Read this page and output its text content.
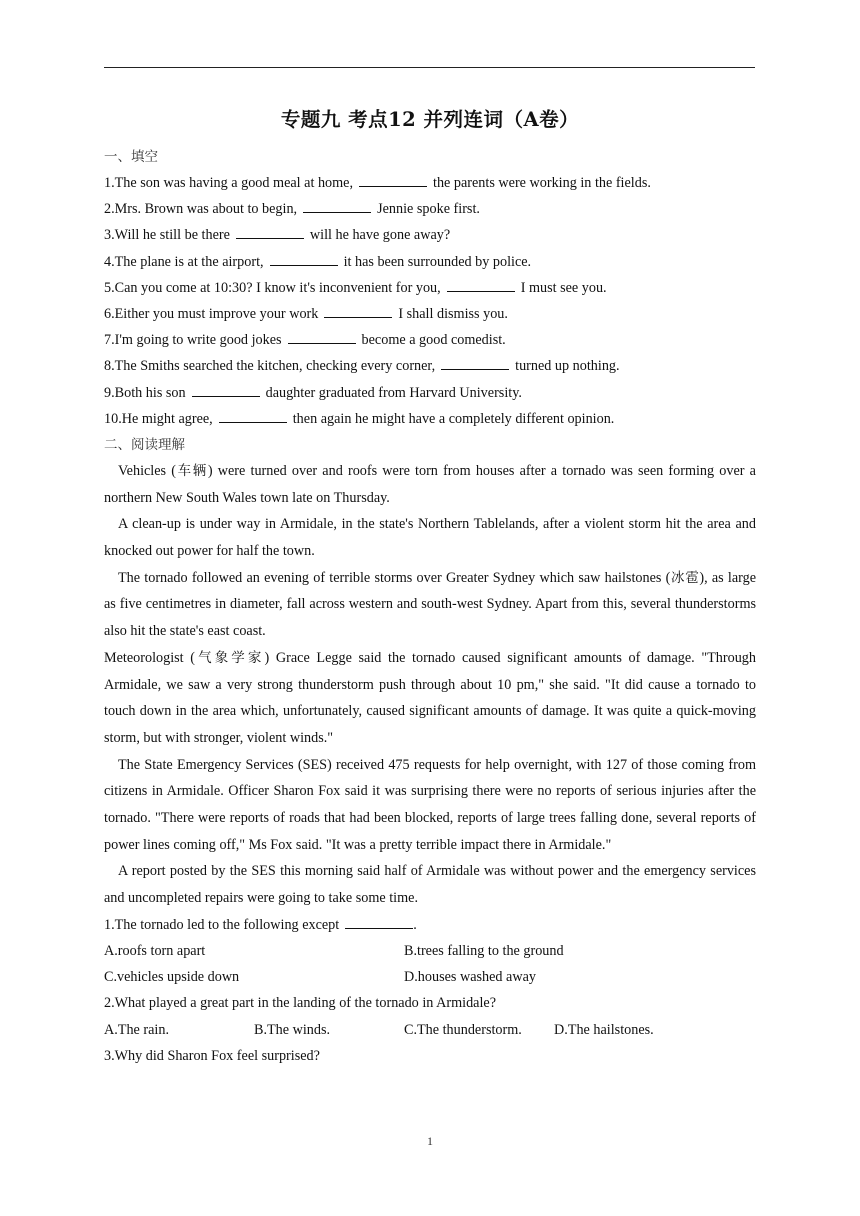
专题九 考点12 并列连词（A卷）
一、填空
1.The son was having a good meal at home,	the parents were working in the fields.
2.Mrs. Brown was about to begin,	Jennie spoke first.
3.Will he still be there	will he have gone away?
4.The plane is at the airport,	it has been surrounded by police.
5.Can you come at 10:30? I know it's inconvenient for you,	I must see you.
6.Either you must improve your work	I shall dismiss you.
7.I'm going to write good jokes	become a good comedist.
8.The Smiths searched the kitchen, checking every corner,	turned up nothing.
9.Both his son	daughter graduated from Harvard University.
10.He might agree,	then again he might have a completely different opinion.
二、阅读理解

Vehicles (车辆) were turned over and roofs were torn from houses after a tornado was seen forming over a northern New South Wales town late on Thursday.

A clean-up is under way in Armidale, in the state's Northern Tablelands, after a violent storm hit the area and knocked out power for half the town.

The tornado followed an evening of terrible storms over Greater Sydney which saw hailstones (冰雹), as large as five centimetres in diameter, fall across western and south-west Sydney. Apart from this, several thunderstorms also hit the state's east coast.

Meteorologist (气象学家) Grace Legge said the tornado caused significant amounts of damage. "Through Armidale, we saw a very strong thunderstorm push through about 10 pm," she said. "It did cause a tornado to touch down in the area which, unfortunately, caused significant amounts of damage. It was quite a quick-moving storm, but with stronger, violent winds."

The State Emergency Services (SES) received 475 requests for help overnight, with 127 of those coming from citizens in Armidale. Officer Sharon Fox said it was surprising there were no reports of serious injuries after the tornado. "There were reports of roads that had been blocked, reports of large trees falling done, several reports of power lines coming off," Ms Fox said. "It was a pretty terrible impact there in Armidale."

A report posted by the SES this morning said half of Armidale was without power and the emergency services and uncompleted repairs were going to take some time.

1.The tornado led to the following except	.
A.roofs torn apart	B.trees falling to the ground
C.vehicles upside down	D.houses washed away
2.What played a great part in the landing of the tornado in Armidale?
A.The rain.	B.The winds.	C.The thunderstorm.	D.The hailstones.
3.Why did Sharon Fox feel surprised?
1
